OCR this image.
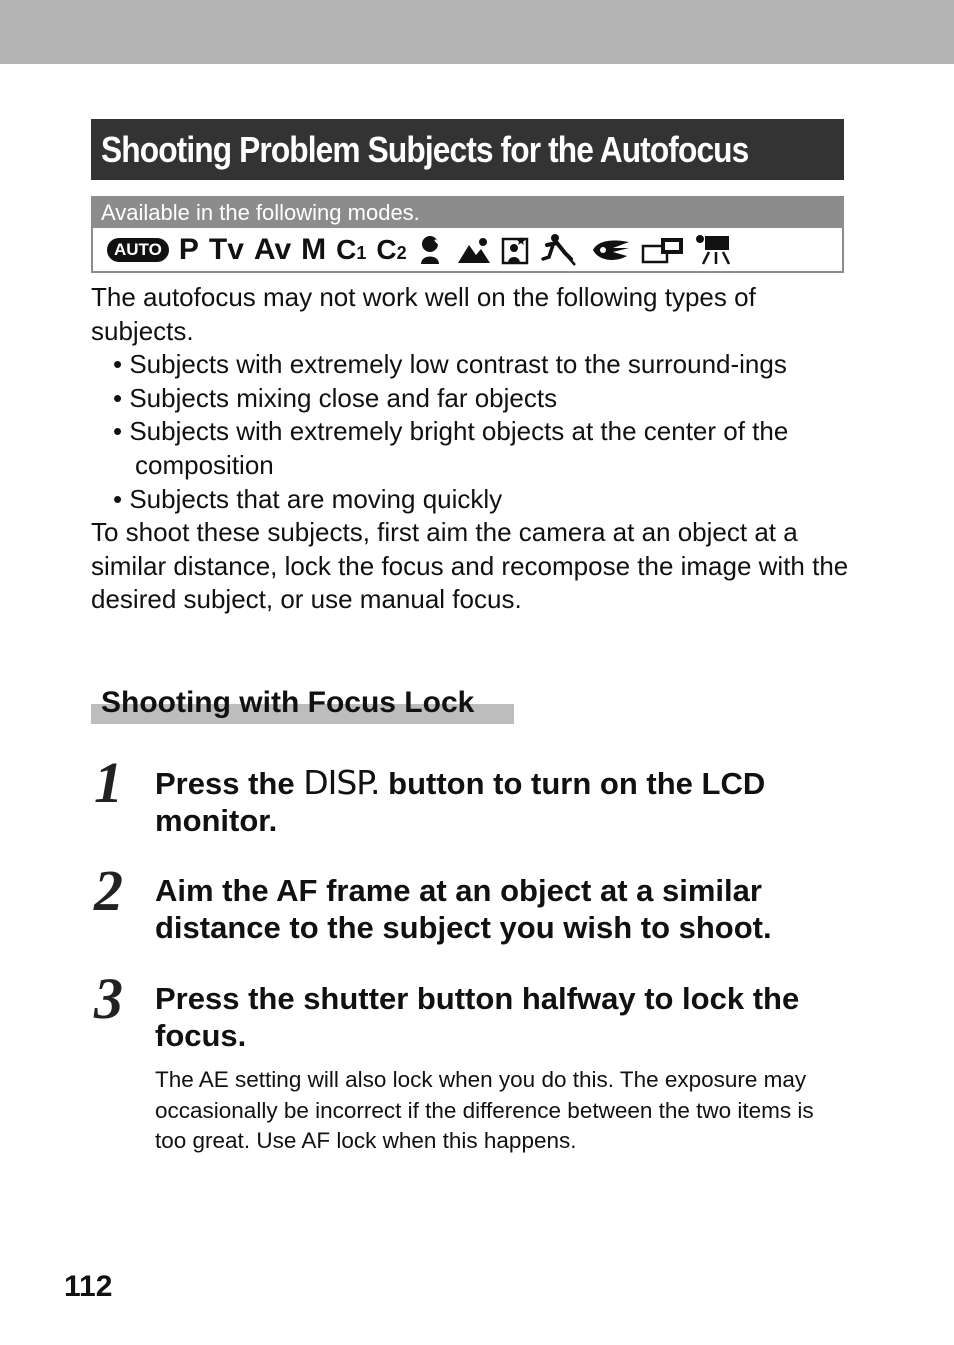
Shooting Problem Subjects for the Autofocus
Available in the following modes.
AUTO P Tv Av M C1 C2

The autofocus may not work well on the following types of subjects.

• Subjects with extremely low contrast to the surround-ings
• Subjects mixing close and far objects
• Subjects with extremely bright objects at the center of the composition
• Subjects that are moving quickly

To shoot these subjects, first aim the camera at an object at a similar distance, lock the focus and recompose the image with the desired subject, or use manual focus.

Shooting with Focus Lock
1 Press the DISP. button to turn on the LCD monitor.
2 Aim the AF frame at an object at a similar distance to the subject you wish to shoot.
3 Press the shutter button halfway to lock the focus.
The AE setting will also lock when you do this. The exposure may occasionally be incorrect if the difference between the two items is too great. Use AF lock when this happens.
112
